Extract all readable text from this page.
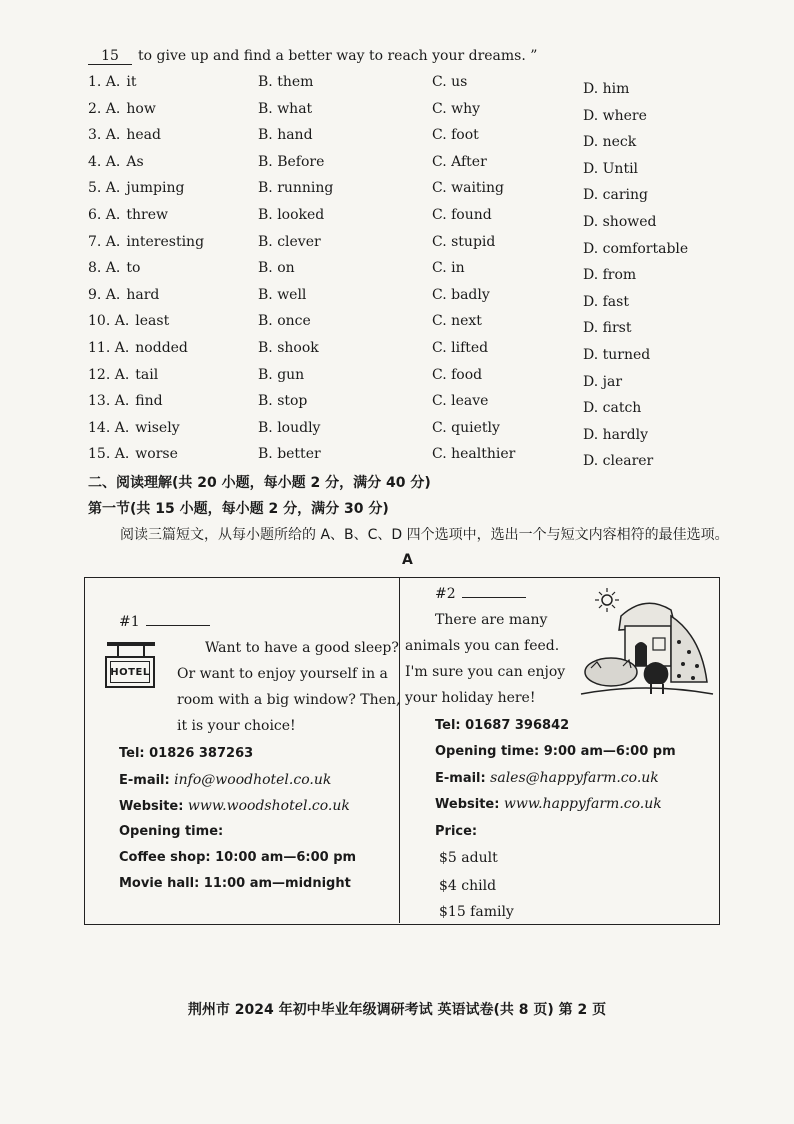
15 to give up and find a better way to reach your dreams. ”
1. A. it	B. them	C. us	D. him
2. A. how	B. what	C. why	D. where
3. A. head	B. hand	C. foot	D. neck
4. A. As	B. Before	C. After	D. Until
5. A. jumping	B. running	C. waiting	D. caring
6. A. threw	B. looked	C. found	D. showed
7. A. interesting	B. clever	C. stupid	D. comfortable
8. A. to	B. on	C. in	D. from
9. A. hard	B. well	C. badly	D. fast
10. A. least	B. once	C. next	D. first
11. A. nodded	B. shook	C. lifted	D. turned
12. A. tail	B. gun	C. food	D. jar
13. A. find	B. stop	C. leave	D. catch
14. A. wisely	B. loudly	C. quietly	D. hardly
15. A. worse	B. better	C. healthier	D. clearer
二、阅读理解(共 20 小题，每小题 2 分，满分 40 分)
第一节(共 15 小题，每小题 2 分，满分 30 分)
阅读三篇短文，从每小题所给的 A、B、C、D 四个选项中，选出一个与短文内容相符的最佳选项。
A
#1
HOTEL
Want to have a good sleep?
Or want to enjoy yourself in a
room with a big window? Then,
it is your choice!
Tel: 01826 387263
E-mail: info@woodhotel.co.uk
Website: www.woodshotel.co.uk
Opening time:
Coffee shop: 10:00 am—6:00 pm
Movie hall: 11:00 am—midnight
#2
There are many
animals you can feed.
I'm sure you can enjoy
your holiday here!
Tel: 01687 396842
Opening time: 9:00 am—6:00 pm
E-mail: sales@happyfarm.co.uk
Website: www.happyfarm.co.uk
Price:
$5 adult
$4 child
$15 family
荆州市 2024 年初中毕业年级调研考试 英语试卷(共 8 页) 第 2 页
